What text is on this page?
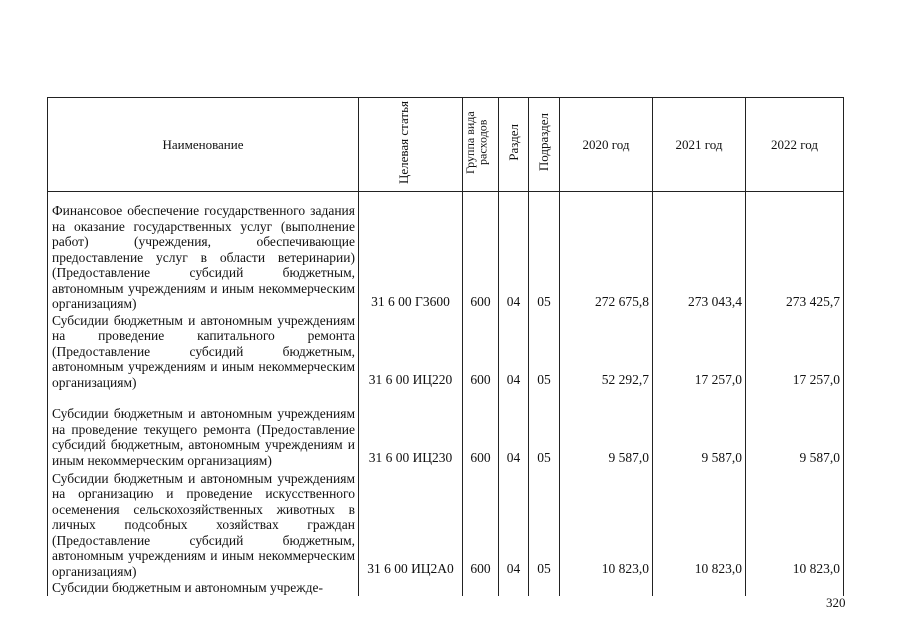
Наименование	Целевая статья	Группа вида расходов	Раздел	Подраздел	2020 год	2021 год	2022 год
Финансовое обеспечение государственного задания на оказание государственных услуг (выполнение работ) (учреждения, обеспечивающие предоставление услуг в области ветеринарии) (Предоставление субсидий бюджетным, автономным учреждениям и иным некоммерческим организациям)	31 6 00 Г3600	600	04	05	272 675,8	273 043,4	273 425,7
Субсидии бюджетным и автономным учреждениям на проведение капитального ремонта (Предоставление субсидий бюджетным, автономным учреждениям и иным некоммерческим организациям)	31 6 00 ИЦ220	600	04	05	52 292,7	17 257,0	17 257,0
Субсидии бюджетным и автономным учреждениям на проведение текущего ремонта (Предоставление субсидий бюджетным, автономным учреждениям и иным некоммерческим организациям)	31 6 00 ИЦ230	600	04	05	9 587,0	9 587,0	9 587,0
Субсидии бюджетным и автономным учреждениям на организацию и проведение искусственного осеменения сельскохозяйственных животных в личных подсобных хозяйствах граждан (Предоставление субсидий бюджетным, автономным учреждениям и иным некоммерческим организациям)	31 6 00 ИЦ2А0	600	04	05	10 823,0	10 823,0	10 823,0
Субсидии бюджетным и автономным учрежде-							
320
